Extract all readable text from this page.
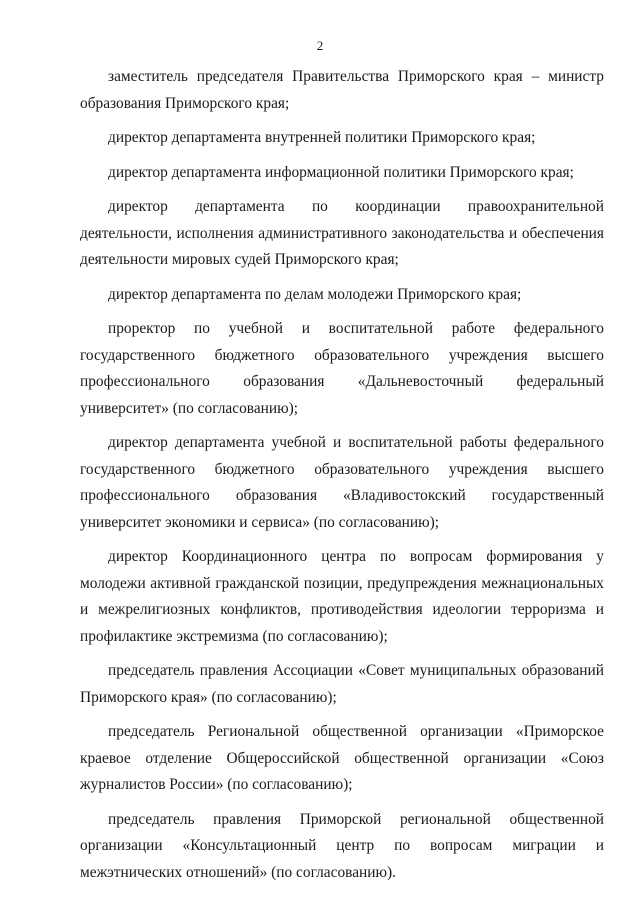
2

заместитель председателя Правительства Приморского края – министр образования Приморского края;

директор департамента внутренней политики Приморского края;

директор департамента информационной политики Приморского края;

директор департамента по координации правоохранительной деятельности, исполнения административного законодательства и обеспечения деятельности мировых судей Приморского края;

директор департамента по делам молодежи Приморского края;

проректор по учебной и воспитательной работе федерального государственного бюджетного образовательного учреждения высшего профессионального образования «Дальневосточный федеральный университет» (по согласованию);

директор департамента учебной и воспитательной работы федерального государственного бюджетного образовательного учреждения высшего профессионального образования «Владивостокский государственный университет экономики и сервиса» (по согласованию);

директор Координационного центра по вопросам формирования у молодежи активной гражданской позиции, предупреждения межнациональных и межрелигиозных конфликтов, противодействия идеологии терроризма и профилактике экстремизма (по согласованию);

председатель правления Ассоциации «Совет муниципальных образований Приморского края» (по согласованию);

председатель Региональной общественной организации «Приморское краевое отделение Общероссийской общественной организации «Союз журналистов России» (по согласованию);

председатель правления Приморской региональной общественной организации «Консультационный центр по вопросам миграции и межэтнических отношений» (по согласованию).
